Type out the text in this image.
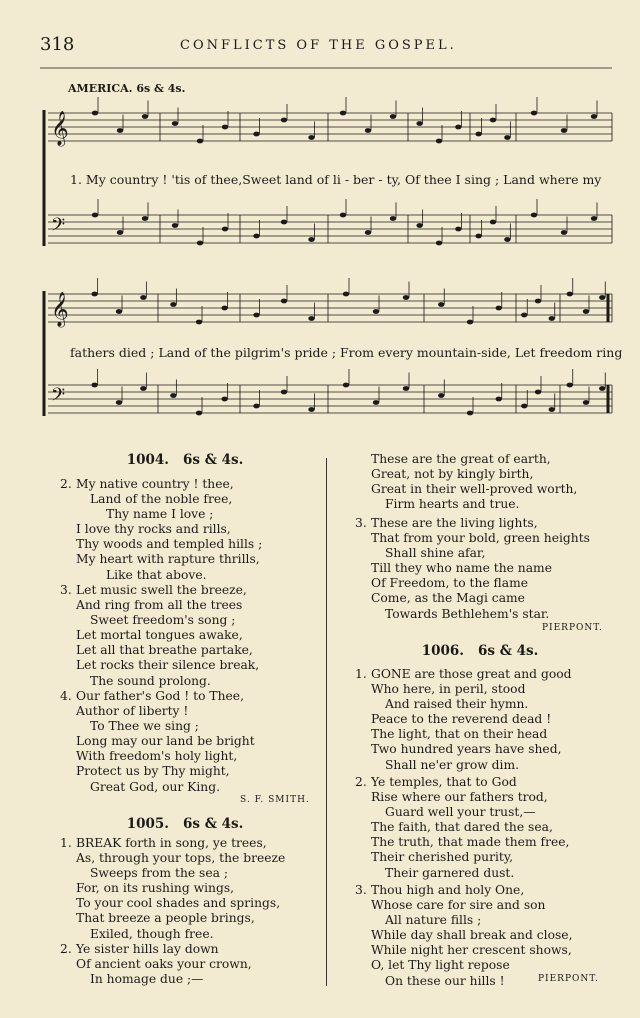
318	CONFLICTS OF THE GOSPEL.
AMERICA. 6s & 4s.
𝄞
𝄢
𝄞
𝄢
1. My country ! 'tis of thee,Sweet land of li - ber - ty, Of thee I sing ; Land where my
fathers died ; Land of the pilgrim's pride ; From every mountain-side, Let freedom ring
1004. 6s & 4s.
2. My native country ! thee,
Land of the noble free,
Thy name I love ;
I love thy rocks and rills,
Thy woods and templed hills ;
My heart with rapture thrills,
Like that above.
3. Let music swell the breeze,
And ring from all the trees
Sweet freedom's song ;
Let mortal tongues awake,
Let all that breathe partake,
Let rocks their silence break,
The sound prolong.
4. Our father's God ! to Thee,
Author of liberty !
To Thee we sing ;
Long may our land be bright
With freedom's holy light,
Protect us by Thy might,
Great God, our King.
S. F. SMITH.
1005. 6s & 4s.
1. BREAK forth in song, ye trees,
As, through your tops, the breeze
Sweeps from the sea ;
For, on its rushing wings,
To your cool shades and springs,
That breeze a people brings,
Exiled, though free.
2. Ye sister hills lay down
Of ancient oaks your crown,
In homage due ;—
These are the great of earth,
Great, not by kingly birth,
Great in their well-proved worth,
Firm hearts and true.
3. These are the living lights,
That from your bold, green heights
Shall shine afar,
Till they who name the name
Of Freedom, to the flame
Come, as the Magi came
Towards Bethlehem's star.
PIERPONT.
1006. 6s & 4s.
1. GONE are those great and good
Who here, in peril, stood
And raised their hymn.
Peace to the reverend dead !
The light, that on their head
Two hundred years have shed,
Shall ne'er grow dim.
2. Ye temples, that to God
Rise where our fathers trod,
Guard well your trust,—
The faith, that dared the sea,
The truth, that made them free,
Their cherished purity,
Their garnered dust.
3. Thou high and holy One,
Whose care for sire and son
All nature fills ;
While day shall break and close,
While night her crescent shows,
O, let Thy light repose
On these our hills !	PIERPONT.
